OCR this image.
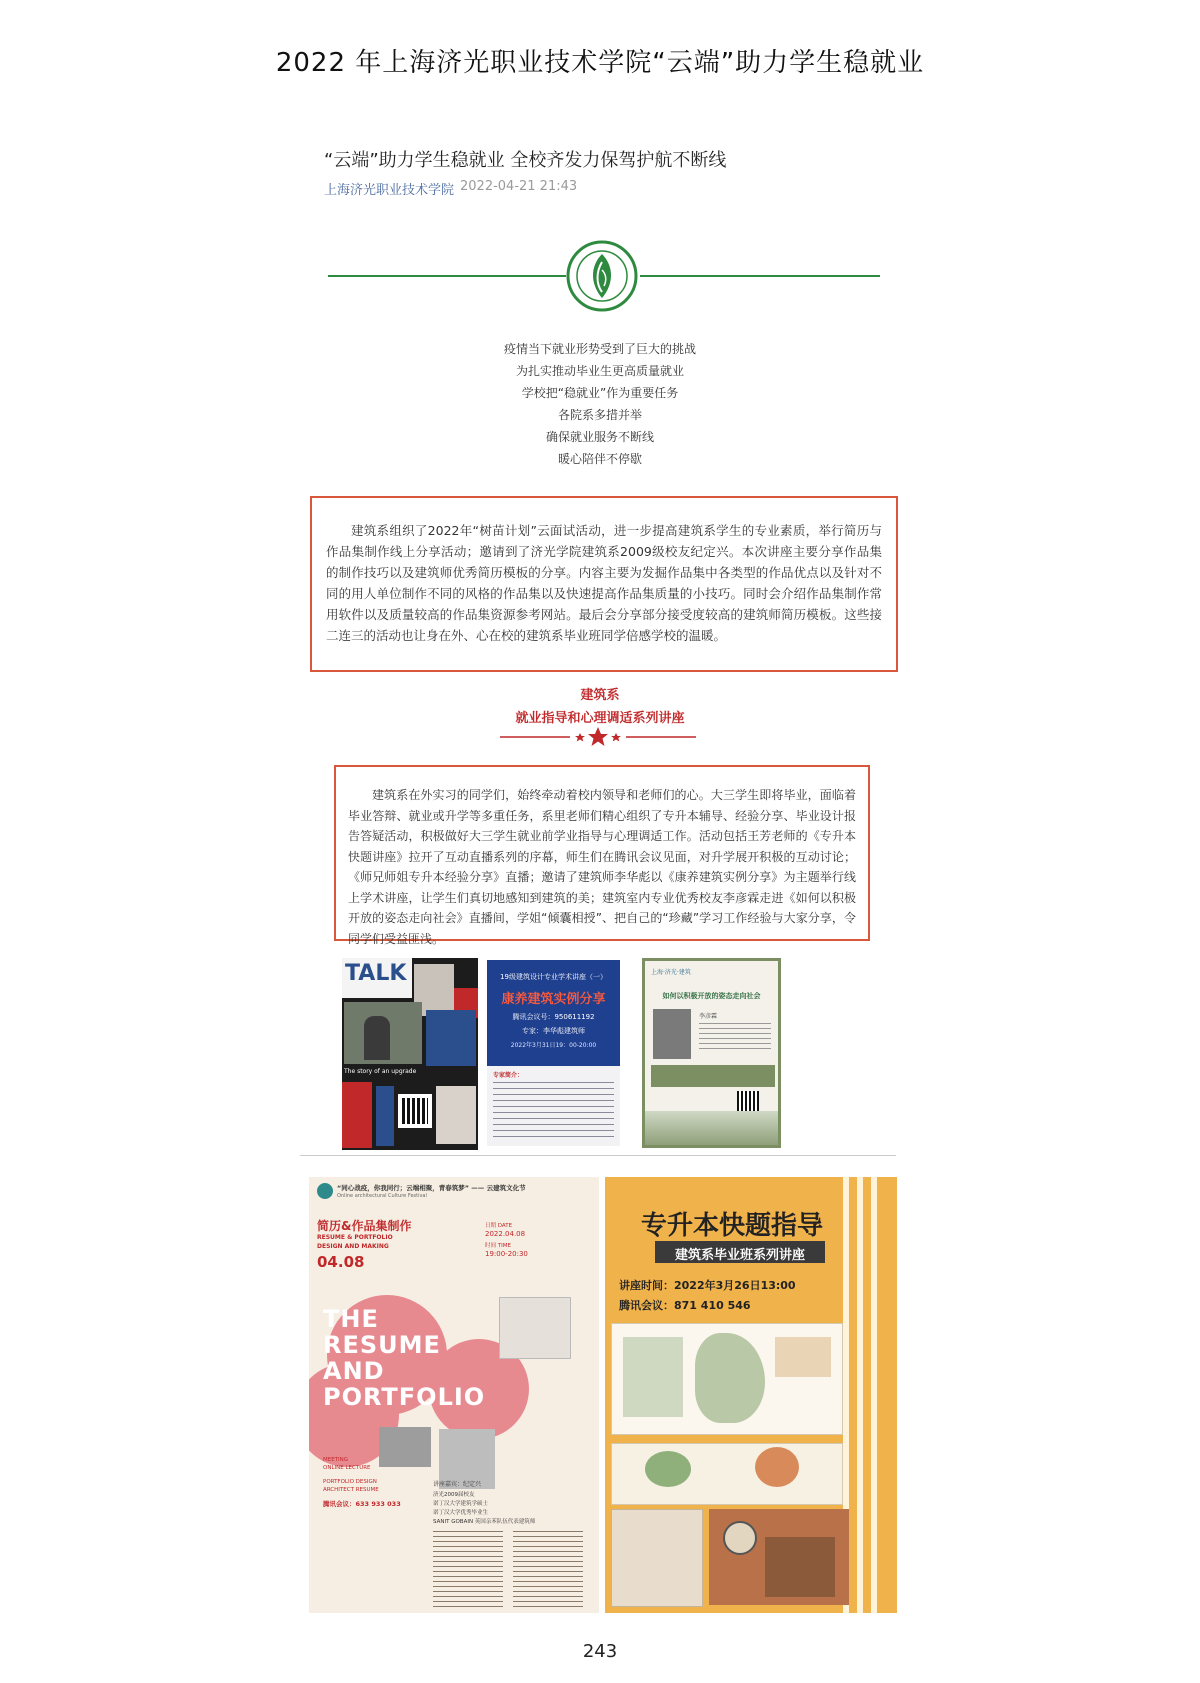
2022 年上海济光职业技术学院“云端”助力学生稳就业
“云端”助力学生稳就业 全校齐发力保驾护航不断线
上海济光职业技术学院 2022-04-21 21:43
疫情当下就业形势受到了巨大的挑战
为扎实推动毕业生更高质量就业
学校把“稳就业”作为重要任务
各院系多措并举
确保就业服务不断线
暖心陪伴不停歇

建筑系组织了2022年“树苗计划”云面试活动，进一步提高建筑系学生的专业素质，举行简历与作品集制作线上分享活动；邀请到了济光学院建筑系2009级校友纪定兴。本次讲座主要分享作品集的制作技巧以及建筑师优秀简历模板的分享。内容主要为发掘作品集中各类型的作品优点以及针对不同的用人单位制作不同的风格的作品集以及快速提高作品集质量的小技巧。同时会介绍作品集制作常用软件以及质量较高的作品集资源参考网站。最后会分享部分接受度较高的建筑师简历模板。这些接二连三的活动也让身在外、心在校的建筑系毕业班同学倍感学校的温暖。

建筑系
就业指导和心理调适系列讲座

建筑系在外实习的同学们，始终牵动着校内领导和老师们的心。大三学生即将毕业，面临着毕业答辩、就业或升学等多重任务，系里老师们精心组织了专升本辅导、经验分享、毕业设计报告答疑活动，积极做好大三学生就业前学业指导与心理调适工作。活动包括王芳老师的《专升本快题讲座》拉开了互动直播系列的序幕，师生们在腾讯会议见面，对升学展开积极的互动讨论；《师兄师姐专升本经验分享》直播；邀请了建筑师李华彪以《康养建筑实例分享》为主题举行线上学术讲座，让学生们真切地感知到建筑的美；建筑室内专业优秀校友李彦霖走进《如何以积极开放的姿态走向社会》直播间，学姐“倾囊相授”、把自己的“珍藏”学习工作经验与大家分享，令同学们受益匪浅。

TALK
The story of an upgrade
19级建筑设计专业学术讲座（一）
康养建筑实例分享
腾讯会议号：950611192
专家：李华彪建筑师
2022年3月31日19：00-20:00
专家简介：
上海·济光·建筑
如何以积极开放的姿态走向社会
李彦霖
“同心战疫，你我同行；云端相聚，青春筑梦” —— 云建筑文化节
Online architectural Culture Festival
简历&作品集制作
RESUME & PORTFOLIO
DESIGN AND MAKING
04.08
日期 DATE
2022.04.08
时间 TIME
19:00-20:30
THE
RESUME
AND
PORTFOLIO
MEETING
ONLINE LECTURE
PORTFOLIO DESIGN
ARCHITECT RESUME
腾讯会议：633 933 033
讲座嘉宾：纪定兴
济光2009届校友
诺丁汉大学建筑学硕士
诺丁汉大学优秀毕业生
SANIT GOBAIN 英国亲苯队伍代表建筑师
专升本快题指导
建筑系毕业班系列讲座
讲座时间：2022年3月26日13:00
腾讯会议：871 410 546
243
